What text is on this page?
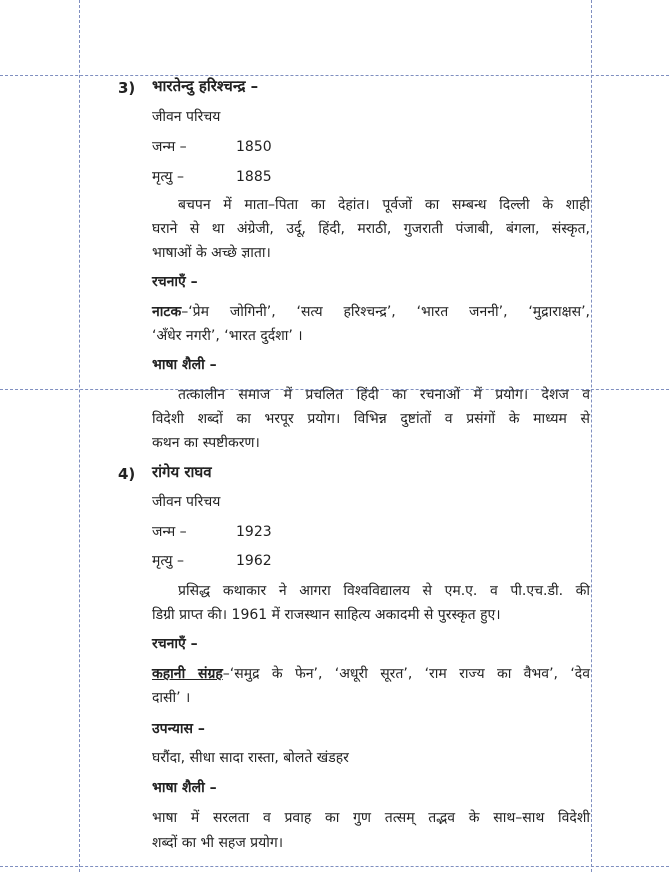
3) भारतेन्दु हरिश्चन्द्र –
जीवन परिचय
जन्म –	1850
मृत्यु –	1885
बचपन में माता–पिता का देहांत। पूर्वजों का सम्बन्ध दिल्ली के शाही
घराने से था अंग्रेजी, उर्दू, हिंदी, मराठी, गुजराती पंजाबी, बंगला, संस्कृत,
भाषाओं के अच्छे ज्ञाता।
रचनाएँ –
नाटक–‘प्रेम जोगिनी’, ‘सत्य हरिश्चन्द्र’, ‘भारत जननी’, ‘मुद्राराक्षस’,
‘अँधेर नगरी’, ‘भारत दुर्दशा’ ।
भाषा शैली –
तत्कालीन समाज में प्रचलित हिंदी का रचनाओं में प्रयोग। देशज व
विदेशी शब्दों का भरपूर प्रयोग। विभिन्न दुष्टांतों व प्रसंगों के माध्यम से
कथन का स्पष्टीकरण।
4) रांगेय राघव
जीवन परिचय
जन्म –	1923
मृत्यु –	1962
प्रसिद्ध कथाकार ने आगरा विश्वविद्यालय से एम.ए. व पी.एच.डी. की
डिग्री प्राप्त की। 1961 में राजस्थान साहित्य अकादमी से पुरस्कृत हुए।
रचनाएँ –
कहानी संग्रह–‘समुद्र के फेन’, ‘अधूरी सूरत’, ‘राम राज्य का वैभव’, ‘देव
दासी’ ।
उपन्यास –
घरौंदा, सीधा सादा रास्ता, बोलते खंडहर
भाषा शैली –
भाषा में सरलता व प्रवाह का गुण तत्सम् तद्भव के साथ–साथ विदेशी
शब्दों का भी सहज प्रयोग।
